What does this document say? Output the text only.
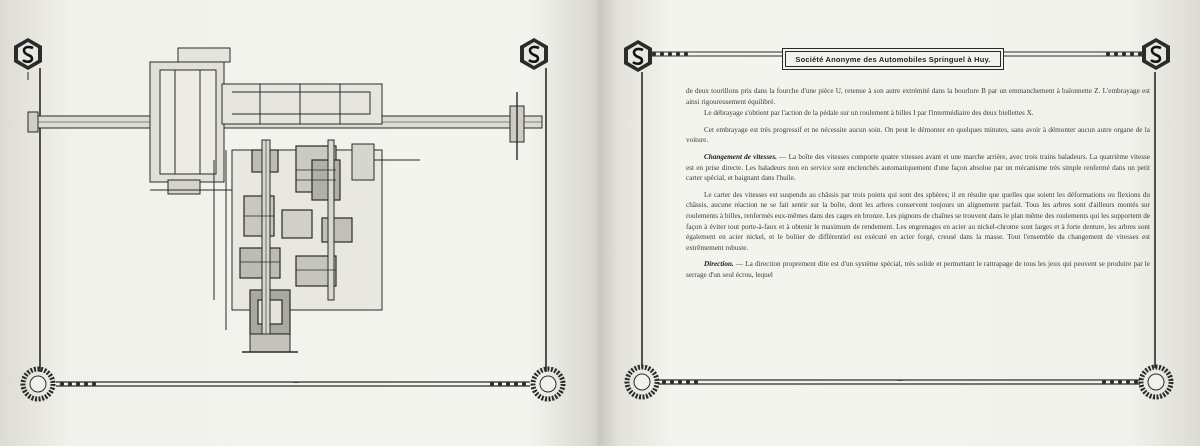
—	—
Société Anonyme des Automobiles Springuel à Huy.

de deux tourillons pris dans la fourche d'une pièce U, retenue à son autre extrémité dans la bourlure B par un emmanchement à baïonnette Z. L'embrayage est ainsi rigoureusement équilibré.

Le débrayage s'obtient par l'action de la pédale sur un roulement à billes I par l'intermédiaire des deux biellettes X.

Cet embrayage est très progressif et ne nécessite aucun soin. On peut le démonter en quelques minutes, sans avoir à démonter aucun autre organe de la voiture.

Changement de vitesses. — La boîte des vitesses comporte quatre vitesses avant et une marche arrière, avec trois trains baladeurs. La quatrième vitesse est en prise directe. Les baladeurs non en service sont enclenchés automatiquement d'une façon absolue par un mécanisme très simple renfermé dans un petit carter spécial, et baignant dans l'huile.

Le carter des vitesses est suspendu au châssis par trois points qui sont des sphères; il en résulte que quelles que soient les déformations ou flexions du châssis, aucune réaction ne se fait sentir sur la boîte, dont les arbres conservent toujours un alignement parfait. Tous les arbres sont d'ailleurs montés sur roulements à billes, renfermés eux-mêmes dans des cages en bronze. Les pignons de chaînes se trouvent dans le plan même des roulements qui les supportent de façon à éviter tout porte-à-faux et à obtenir le maximum de rendement. Les engrenages en acier au nickel-chrome sont larges et à forte denture, les arbres sont également en acier nickel, et le boîtier de différentiel est exécuté en acier forgé, creusé dans la masse. Tout l'ensemble du changement de vitesses est extrêmement robuste.

Direction. — La direction proprement dite est d'un système spécial, très solide et permettant le rattrapage de tous les jeux qui peuvent se produire par le serrage d'un seul écrou, lequel
